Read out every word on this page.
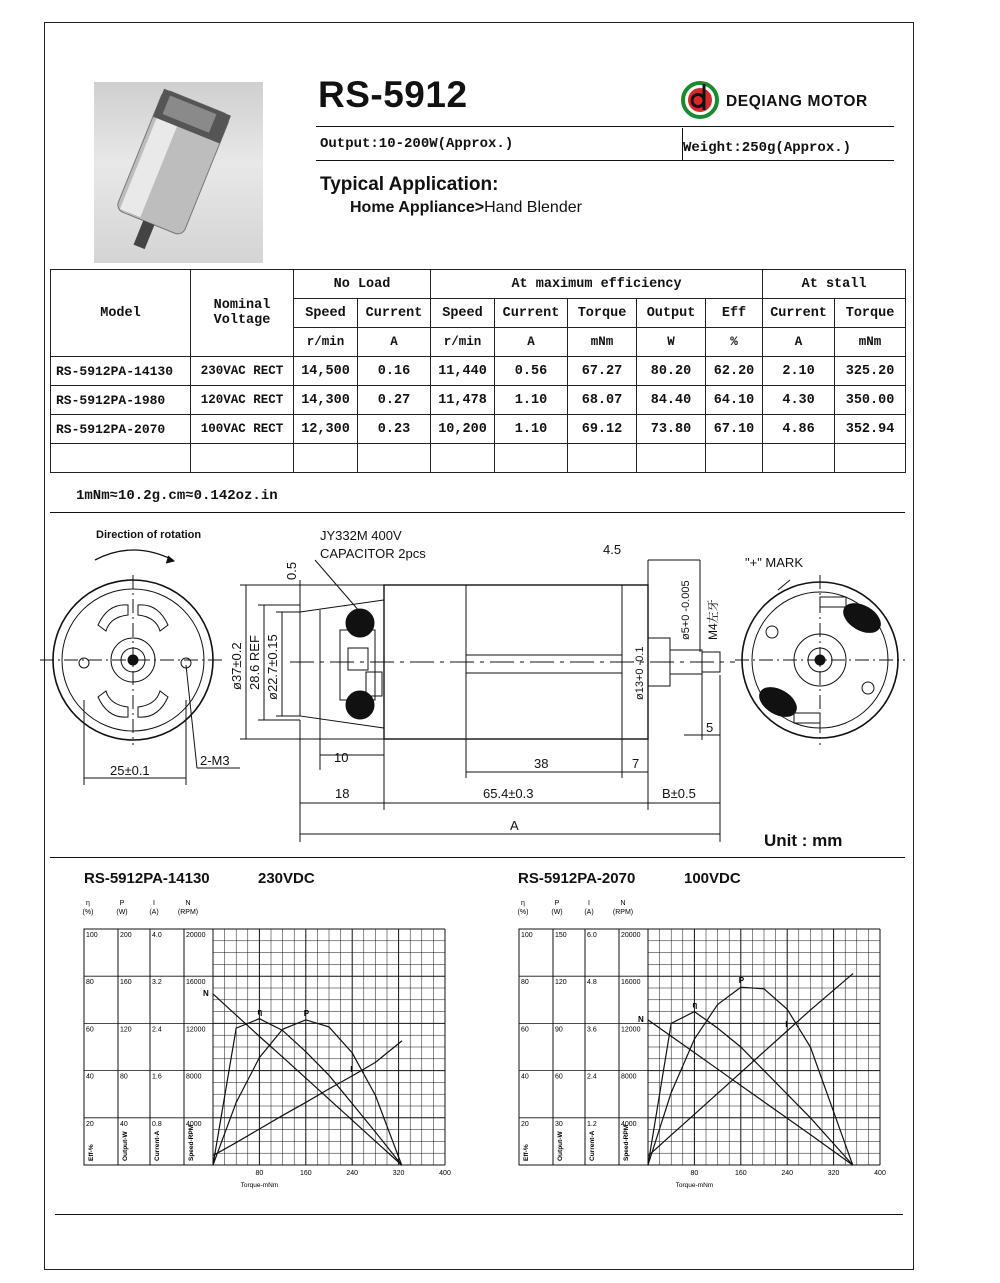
RS-5912	DEQIANG MOTOR
Output:10-200W(Approx.)	Weight:250g(Approx.)
Typical Application:
Home Appliance>Hand Blender
Model	Nominal Voltage	No Load		At maximum efficiency					At stall	
		Speed	Current	Speed	Current	Torque	Output	Eff	Current	Torque
		r/min	A	r/min	A	mNm	W	%	A	mNm
RS-5912PA-14130	230VAC RECT	14,500	0.16	11,440	0.56	67.27	80.20	62.20	2.10	325.20
RS-5912PA-1980	120VAC RECT	14,300	0.27	11,478	1.10	68.07	84.40	64.10	4.30	350.00
RS-5912PA-2070	100VAC RECT	12,300	0.23	10,200	1.10	69.12	73.80	67.10	4.86	352.94

1mNm≈10.2g.cm≈0.142oz.in
Direction of rotation	JY332M 400V
CAPACITOR 2pcs
"+" MARK
0.5
ø37±0.2 28.6 REF ø22.7±0.15
10
18
38	7
65.4±0.3	B±0.5
A
4.5
5
ø5+0 -0.005
ø13+0 -0.1
M4左牙
25±0.1
2-M3
Unit : mm
RS-5912PA-14130	230VDC	RS-5912PA-2070	100VDC
η
(%)
P
(W)
I
(A)
N
(RPM)
100
80
60
40
20
200
160
120
80
40
4.0
3.2
2.4
1.6
0.8
20000
16000
12000
8000
4000
Eff-%	Output-W	Current-A	Speed-RPM
80	160	240	320	400
Torque-mNm
N
I
P
η
η
(%)
P
(W)
I
(A)
N
(RPM)
100
80
60
40
20
150
120
90
60
30
6.0
4.8
3.6
2.4
1.2
20000
16000
12000
8000
4000
Eff-%	Output-W	Current-A	Speed-RPM
80	160	240	320	400
Torque-mNm
N
I
P
η
